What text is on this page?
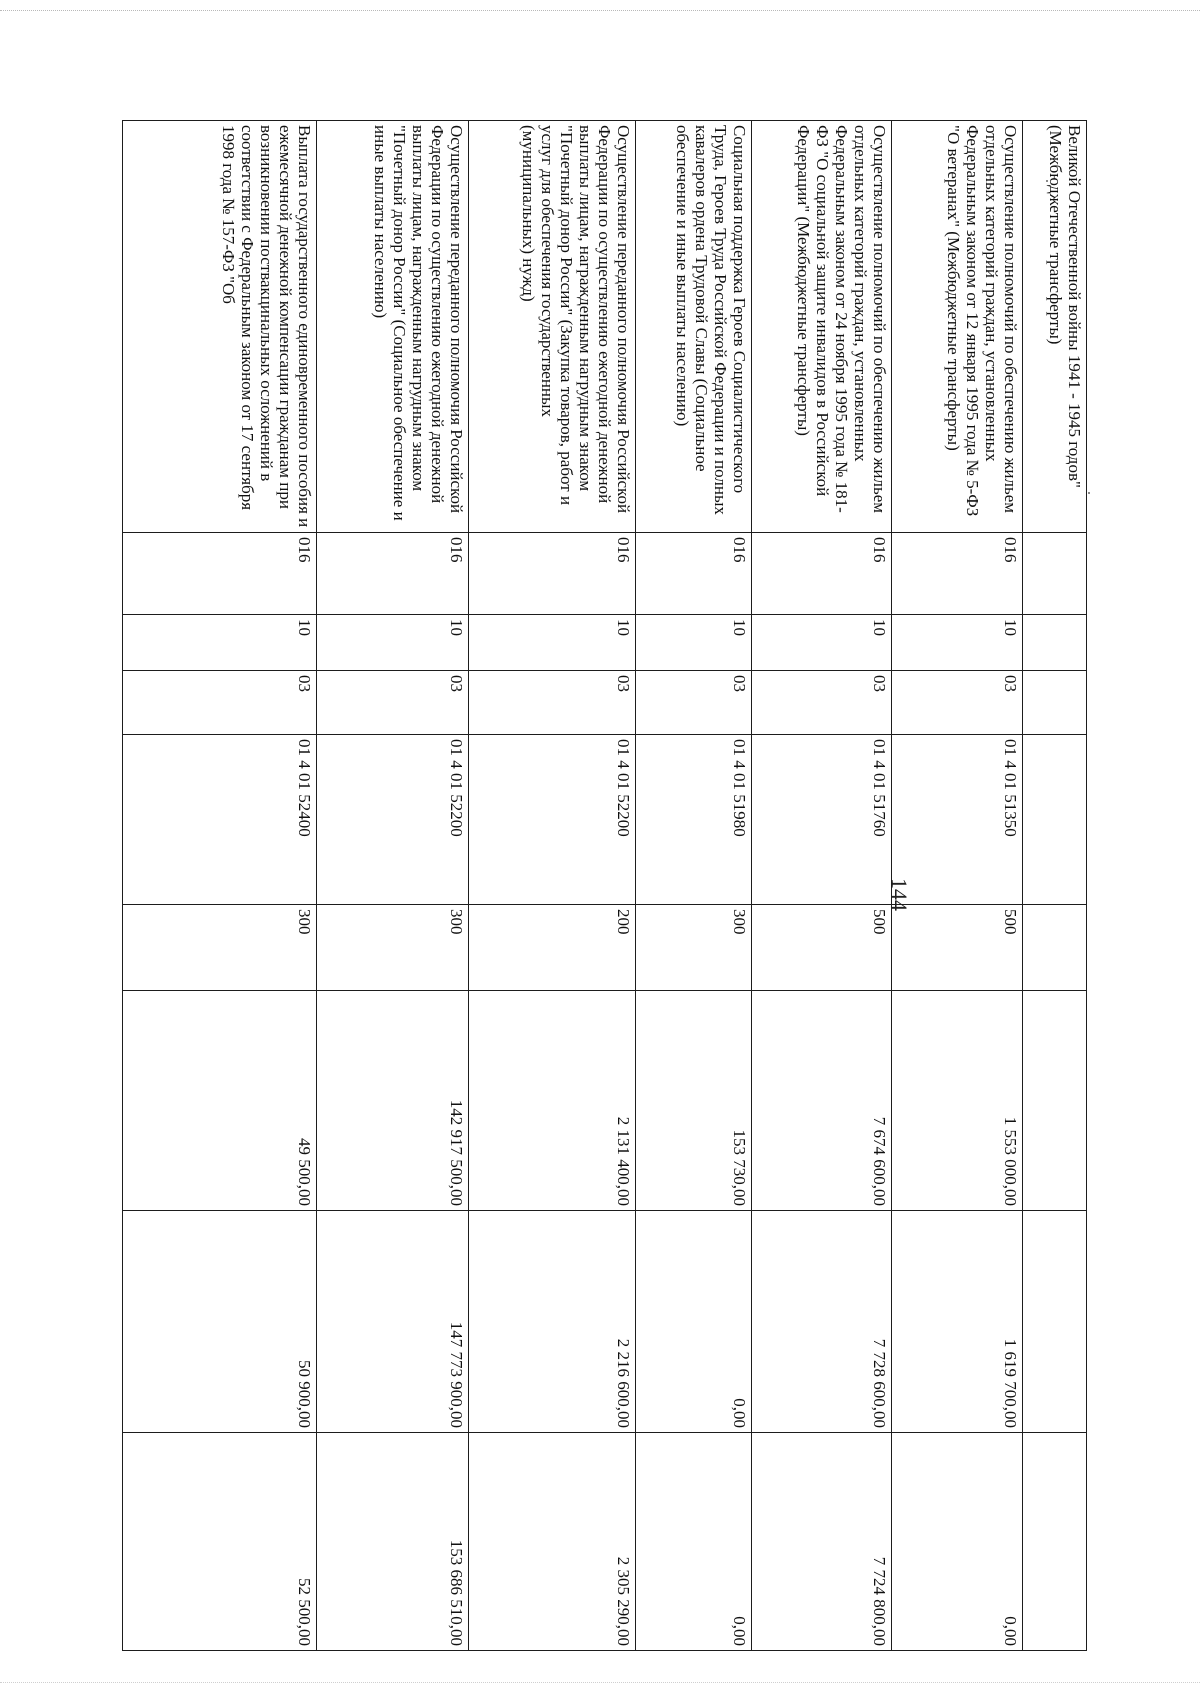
144
Великой Отечественной войны 1941 - 1945 годов" (Межбюджетные трансферты)								
Осуществление полномочий по обеспечению жильем отдельных категорий граждан, установленных Федеральным законом от 12 января 1995 года № 5-ФЗ "О ветеранах" (Межбюджетные трансферты)	016	10	03	01 4 01 51350	500	1 553 000,00	1 619 700,00	0,00
Осуществление полномочий по обеспечению жильем отдельных категорий граждан, установленных Федеральным законом от 24 ноября 1995 года № 181-ФЗ "О социальной защите инвалидов в Российской Федерации" (Межбюджетные трансферты)	016	10	03	01 4 01 51760	500	7 674 600,00	7 728 600,00	7 724 800,00
Социальная поддержка Героев Социалистического Труда, Героев Труда Российской Федерации и полных кавалеров ордена Трудовой Славы (Социальное обеспечение и иные выплаты населению)	016	10	03	01 4 01 51980	300	153 730,00	0,00	0,00
Осуществление переданного полномочия Российской Федерации по осуществлению ежегодной денежной выплаты лицам, награжденным нагрудным знаком "Почетный донор России" (Закупка товаров, работ и услуг для обеспечения государственных (муниципальных) нужд)	016	10	03	01 4 01 52200	200	2 131 400,00	2 216 600,00	2 305 290,00
Осуществление переданного полномочия Российской Федерации по осуществлению ежегодной денежной выплаты лицам, награжденным нагрудным знаком "Почетный донор России" (Социальное обеспечение и иные выплаты населению)	016	10	03	01 4 01 52200	300	142 917 500,00	147 773 900,00	153 686 510,00
Выплата государственного единовременного пособия и ежемесячной денежной компенсации гражданам при возникновении поствакцинальных осложнений в соответствии с Федеральным законом от 17 сентября 1998 года № 157-ФЗ "Об	016	10	03	01 4 01 52400	300	49 500,00	50 900,00	52 500,00
